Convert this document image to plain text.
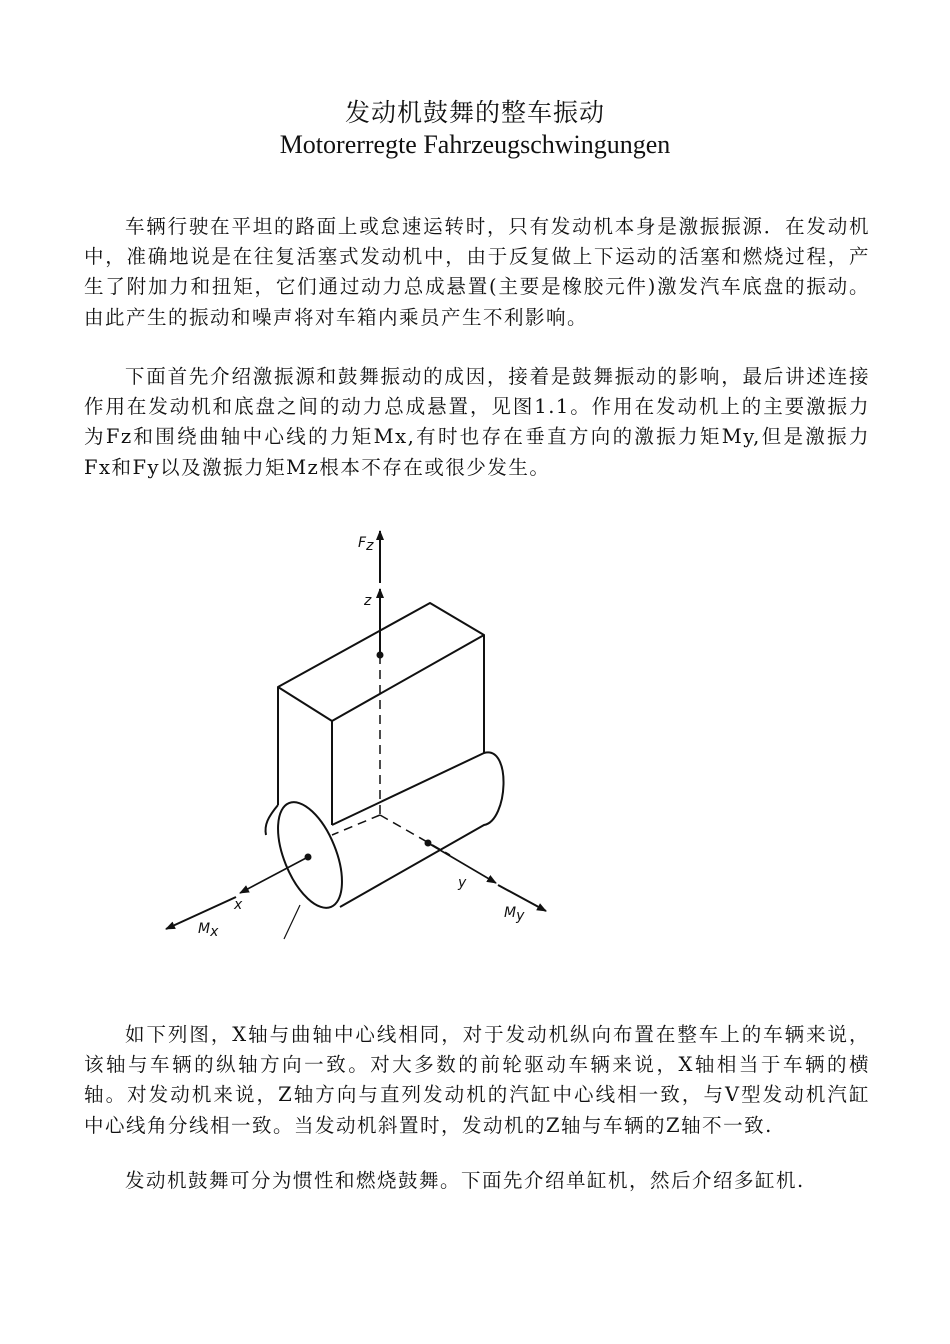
发动机鼓舞的整车振动
Motorerregte Fahrzeugschwingungen

车辆行驶在平坦的路面上或怠速运转时，只有发动机本身是激振振源．在发动机中，准确地说是在往复活塞式发动机中，由于反复做上下运动的活塞和燃烧过程，产生了附加力和扭矩，它们通过动力总成悬置(主要是橡胶元件)激发汽车底盘的振动。由此产生的振动和噪声将对车箱内乘员产生不利影响。

下面首先介绍激振源和鼓舞振动的成因，接着是鼓舞振动的影响，最后讲述连接作用在发动机和底盘之间的动力总成悬置，见图1.1。作用在发动机上的主要激振力为Fz和围绕曲轴中心线的力矩Mx,有时也存在垂直方向的激振力矩My,但是激振力Fx和Fy以及激振力矩Mz根本不存在或很少发生。

Fz
z
x
y
Mx
My

如下列图，X轴与曲轴中心线相同，对于发动机纵向布置在整车上的车辆来说，该轴与车辆的纵轴方向一致。对大多数的前轮驱动车辆来说，X轴相当于车辆的横轴。对发动机来说，Z轴方向与直列发动机的汽缸中心线相一致，与V型发动机汽缸中心线角分线相一致。当发动机斜置时，发动机的Z轴与车辆的Z轴不一致.

发动机鼓舞可分为惯性和燃烧鼓舞。下面先介绍单缸机，然后介绍多缸机.
